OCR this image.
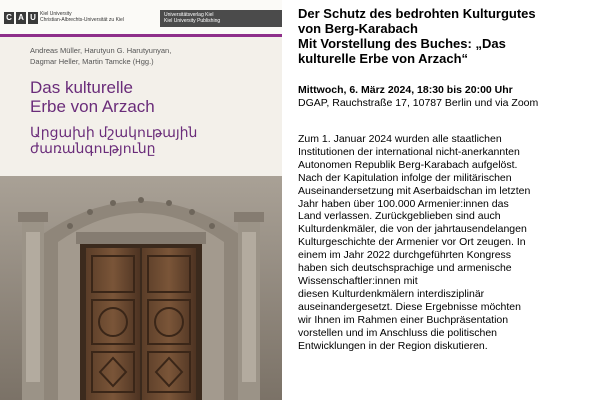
C A U Kiel University
Christian-Albrechts-Universität zu Kiel
Universitätsverlag Kiel
Kiel University Publishing
Andreas Müller, Harutyun G. Harutyunyan,
Dagmar Heller, Martin Tamcke (Hgg.)
Das kulturelle
Erbe von Arzach
Արցախի մշակութային
ժառանգությունը
Der Schutz des bedrohten Kulturgutes
von Berg-Karabach
Mit Vorstellung des Buches: „Das
kulturelle Erbe von Arzach“
Mittwoch, 6. März 2024, 18:30 bis 20:00 Uhr
DGAP, Rauchstraße 17, 10787 Berlin und via Zoom
Zum 1. Januar 2024 wurden alle staatlichen
Institutionen der international nicht-anerkannten
Autonomen Republik Berg-Karabach aufgelöst.
Nach der Kapitulation infolge der militärischen
Auseinandersetzung mit Aserbaidschan im letzten
Jahr haben über 100.000 Armenier:innen das
Land verlassen. Zurückgeblieben sind auch
Kulturdenkmäler, die von der jahrtausendelangen
Kulturgeschichte der Armenier vor Ort zeugen. In
einem im Jahr 2022 durchgeführten Kongress
haben sich deutschsprachige und armenische
Wissenschaftler:innen mit
diesen Kulturdenkmälern interdisziplinär
auseinandergesetzt. Diese Ergebnisse möchten
wir Ihnen im Rahmen einer Buchpräsentation
vorstellen und im Anschluss die politischen
Entwicklungen in der Region diskutieren.
